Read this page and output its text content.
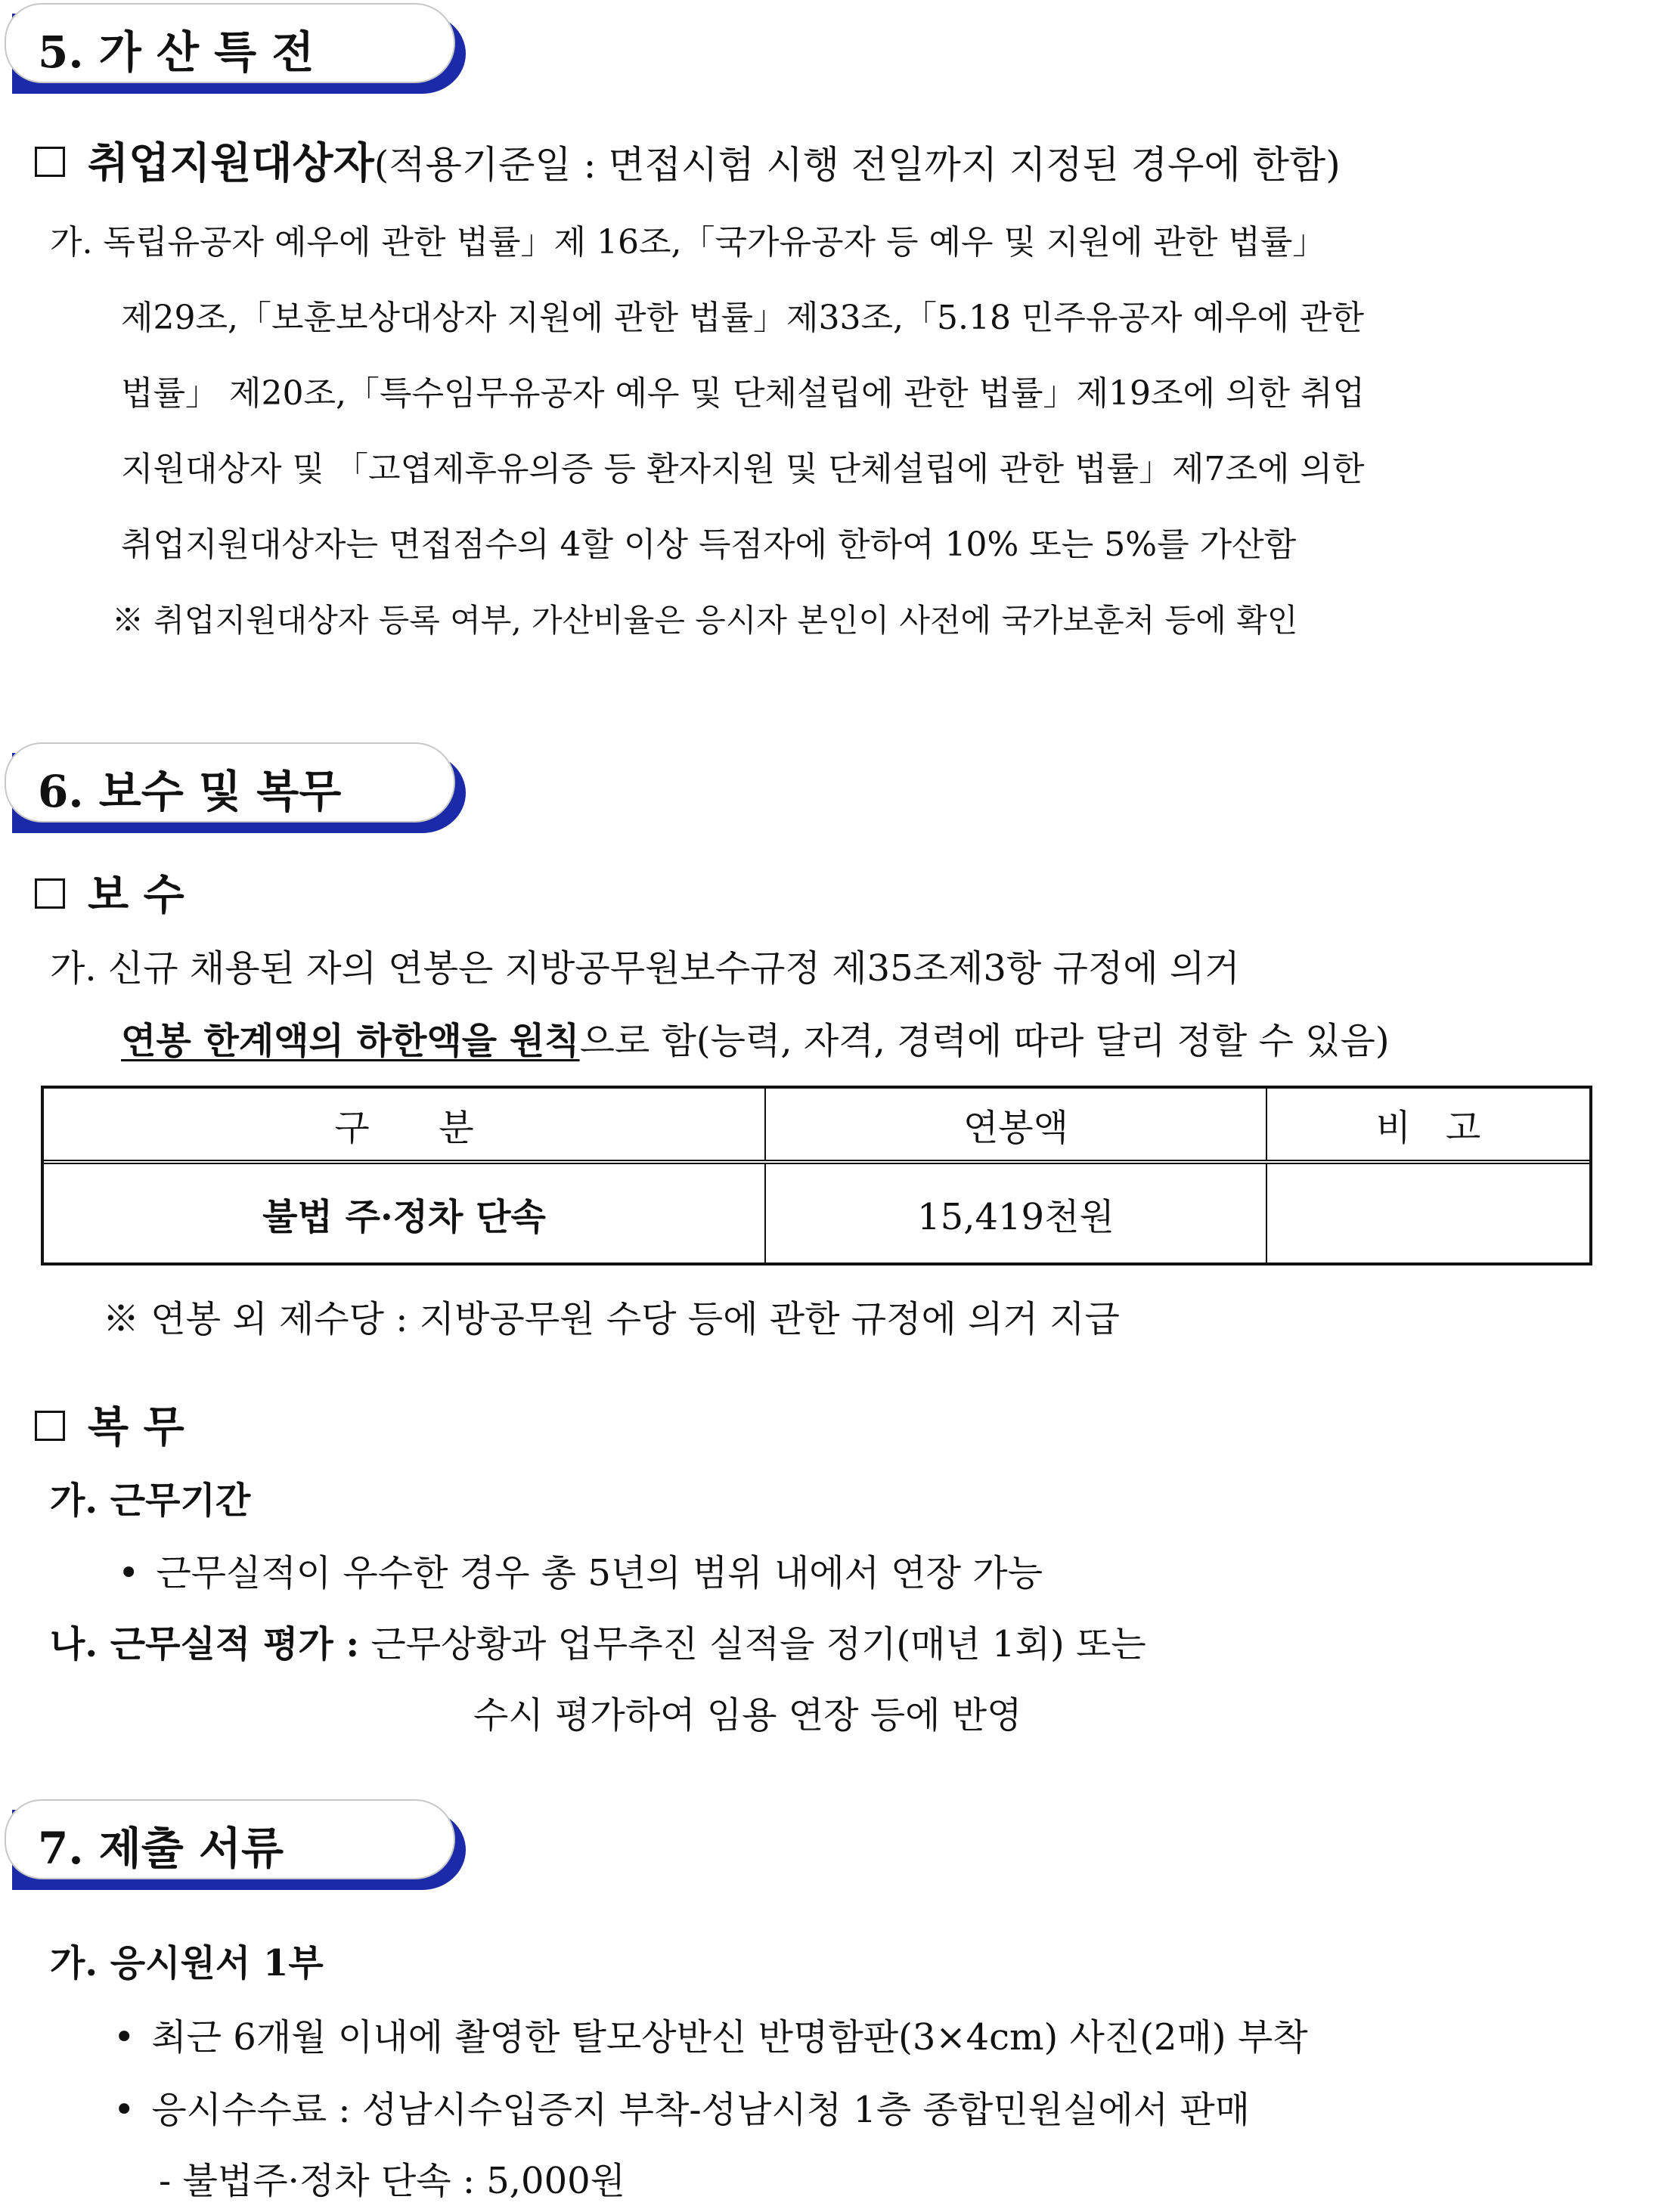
5. 가 산 특 전
취업지원대상자(적용기준일 : 면접시험 시행 전일까지 지정된 경우에 한함)
가. 독립유공자 예우에 관한 법률」제 16조,「국가유공자 등 예우 및 지원에 관한 법률」
제29조,「보훈보상대상자 지원에 관한 법률」제33조,「5.18 민주유공자 예우에 관한
법률」 제20조,「특수임무유공자 예우 및 단체설립에 관한 법률」제19조에 의한 취업
지원대상자 및 「고엽제후유의증 등 환자지원 및 단체설립에 관한 법률」제7조에 의한
취업지원대상자는 면접점수의 4할 이상 득점자에 한하여 10% 또는 5%를 가산함
※ 취업지원대상자 등록 여부, 가산비율은 응시자 본인이 사전에 국가보훈처 등에 확인
6. 보수 및 복무
보 수
가. 신규 채용된 자의 연봉은 지방공무원보수규정 제35조제3항 규정에 의거
연봉 한계액의 하한액을 원칙으로 함(능력, 자격, 경력에 따라 달리 정할 수 있음)
구      분	연봉액	비   고
불법 주·정차 단속	15,419천원
※ 연봉 외 제수당 : 지방공무원 수당 등에 관한 규정에 의거 지급
복 무
가. 근무기간
• 근무실적이 우수한 경우 총 5년의 범위 내에서 연장 가능
나. 근무실적 평가 : 근무상황과 업무추진 실적을 정기(매년 1회) 또는
수시 평가하여 임용 연장 등에 반영
7. 제출 서류
가. 응시원서 1부
• 최근 6개월 이내에 촬영한 탈모상반신 반명함판(3×4cm) 사진(2매) 부착
• 응시수수료 : 성남시수입증지 부착-성남시청 1층 종합민원실에서 판매
- 불법주·정차 단속 : 5,000원
